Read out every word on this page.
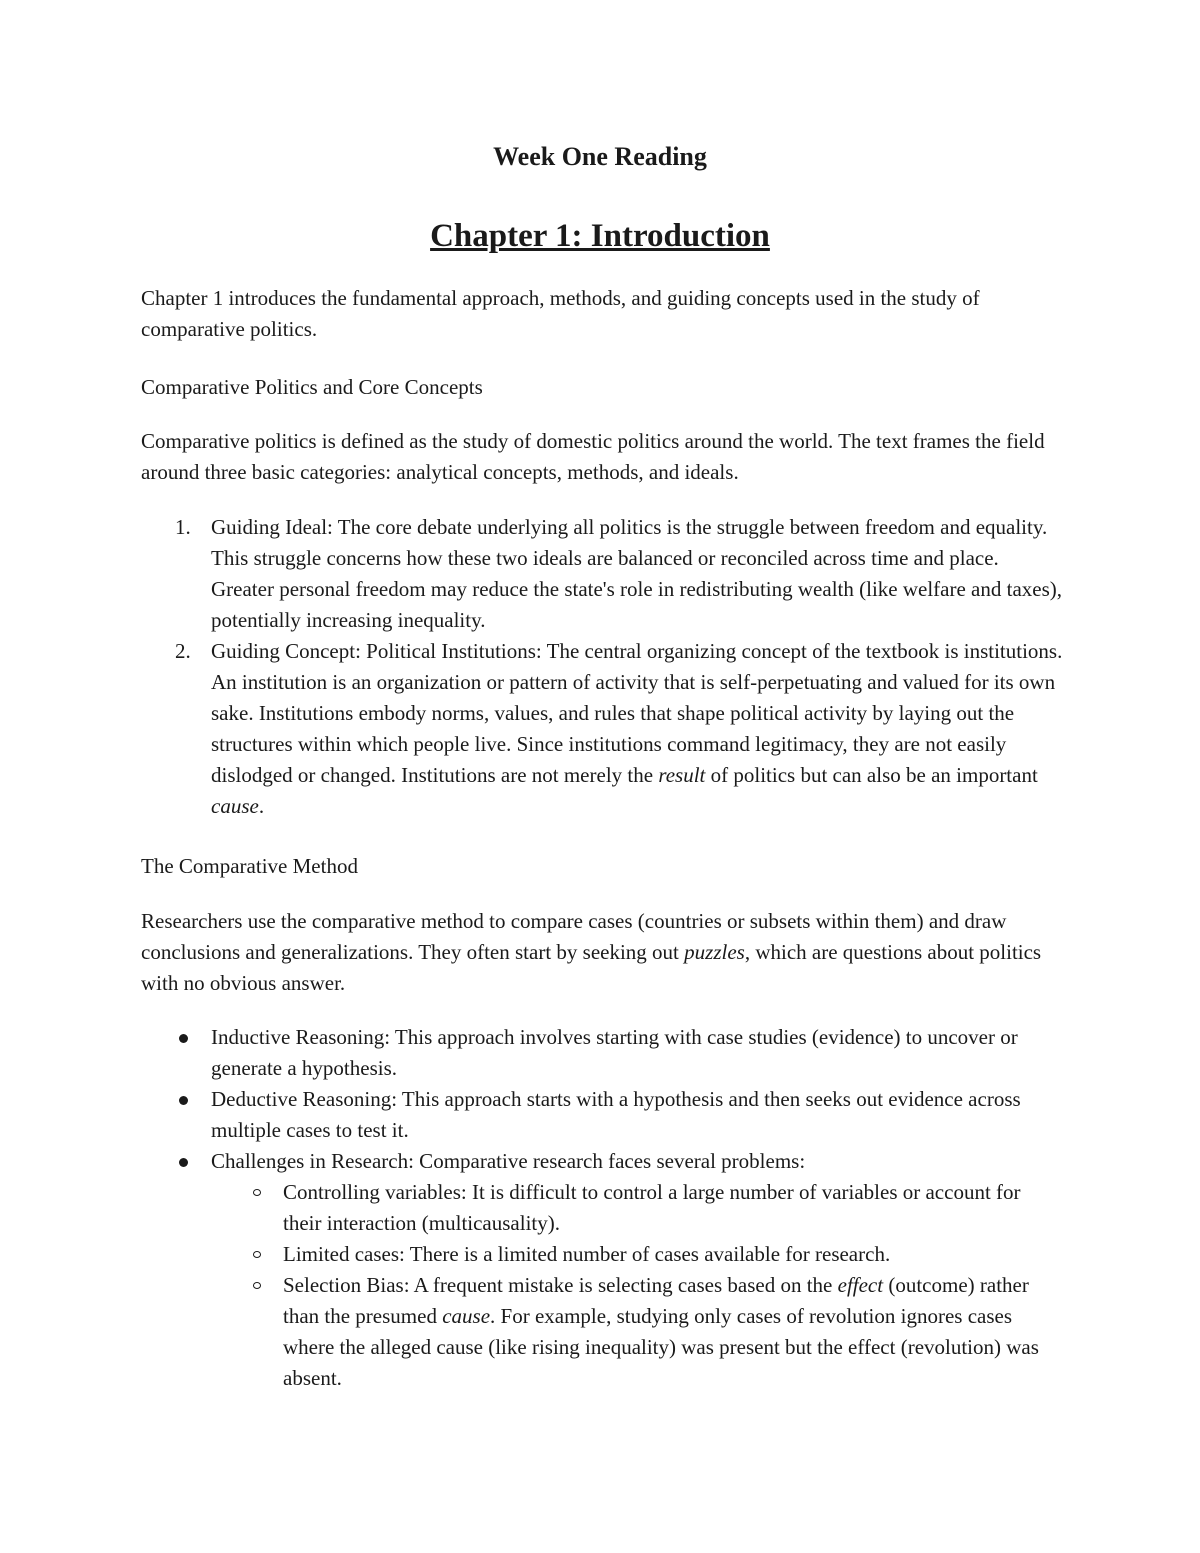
Week One Reading
Chapter 1: Introduction

Chapter 1 introduces the fundamental approach, methods, and guiding concepts used in the study of comparative politics.

Comparative Politics and Core Concepts

Comparative politics is defined as the study of domestic politics around the world. The text frames the field around three basic categories: analytical concepts, methods, and ideals.

1. Guiding Ideal: The core debate underlying all politics is the struggle between freedom and equality. This struggle concerns how these two ideals are balanced or reconciled across time and place. Greater personal freedom may reduce the state's role in redistributing wealth (like welfare and taxes), potentially increasing inequality.
2. Guiding Concept: Political Institutions: The central organizing concept of the textbook is institutions. An institution is an organization or pattern of activity that is self-perpetuating and valued for its own sake. Institutions embody norms, values, and rules that shape political activity by laying out the structures within which people live. Since institutions command legitimacy, they are not easily dislodged or changed. Institutions are not merely the result of politics but can also be an important cause.

The Comparative Method

Researchers use the comparative method to compare cases (countries or subsets within them) and draw conclusions and generalizations. They often start by seeking out puzzles, which are questions about politics with no obvious answer.

Inductive Reasoning: This approach involves starting with case studies (evidence) to uncover or generate a hypothesis.
Deductive Reasoning: This approach starts with a hypothesis and then seeks out evidence across multiple cases to test it.
Challenges in Research: Comparative research faces several problems:
Controlling variables: It is difficult to control a large number of variables or account for their interaction (multicausality).
Limited cases: There is a limited number of cases available for research.
Selection Bias: A frequent mistake is selecting cases based on the effect (outcome) rather than the presumed cause. For example, studying only cases of revolution ignores cases where the alleged cause (like rising inequality) was present but the effect (revolution) was absent.
